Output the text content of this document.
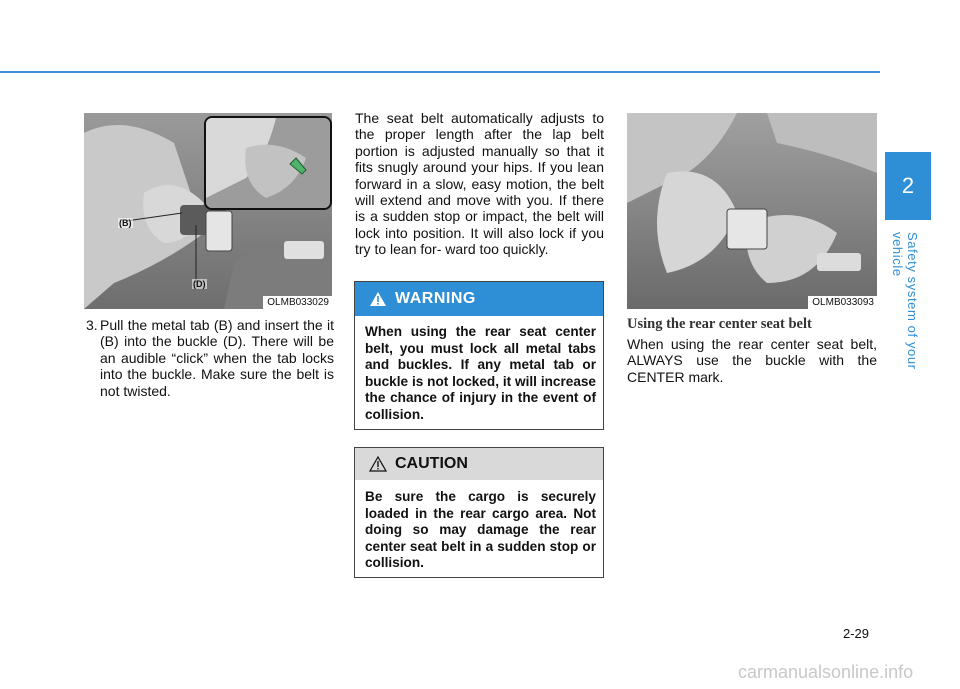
2
Safety system of your vehicle
OLMB033029
(B)
(D)
3. Pull the metal tab (B) and insert the it (B) into the buckle (D). There will be an audible “click” when the tab locks into the buckle. Make sure the belt is not twisted.
The seat belt automatically adjusts to the proper length after the lap belt portion is adjusted manually so that it fits snugly around your hips. If you lean forward in a slow, easy motion, the belt will extend and move with you. If there is a sudden stop or impact, the belt will lock into position. It will also lock if you try to lean for- ward too quickly.
WARNING
When using the rear seat center belt, you must lock all metal tabs and buckles. If any metal tab or buckle is not locked, it will increase the chance of injury in the event of collision.
CAUTION
Be sure the cargo is securely loaded in the rear cargo area. Not doing so may damage the rear center seat belt in a sudden stop or collision.
OLMB033093
Using the rear center seat belt
When using the rear center seat belt, ALWAYS use the buckle with the CENTER mark.
2-29
carmanualsonline.info
